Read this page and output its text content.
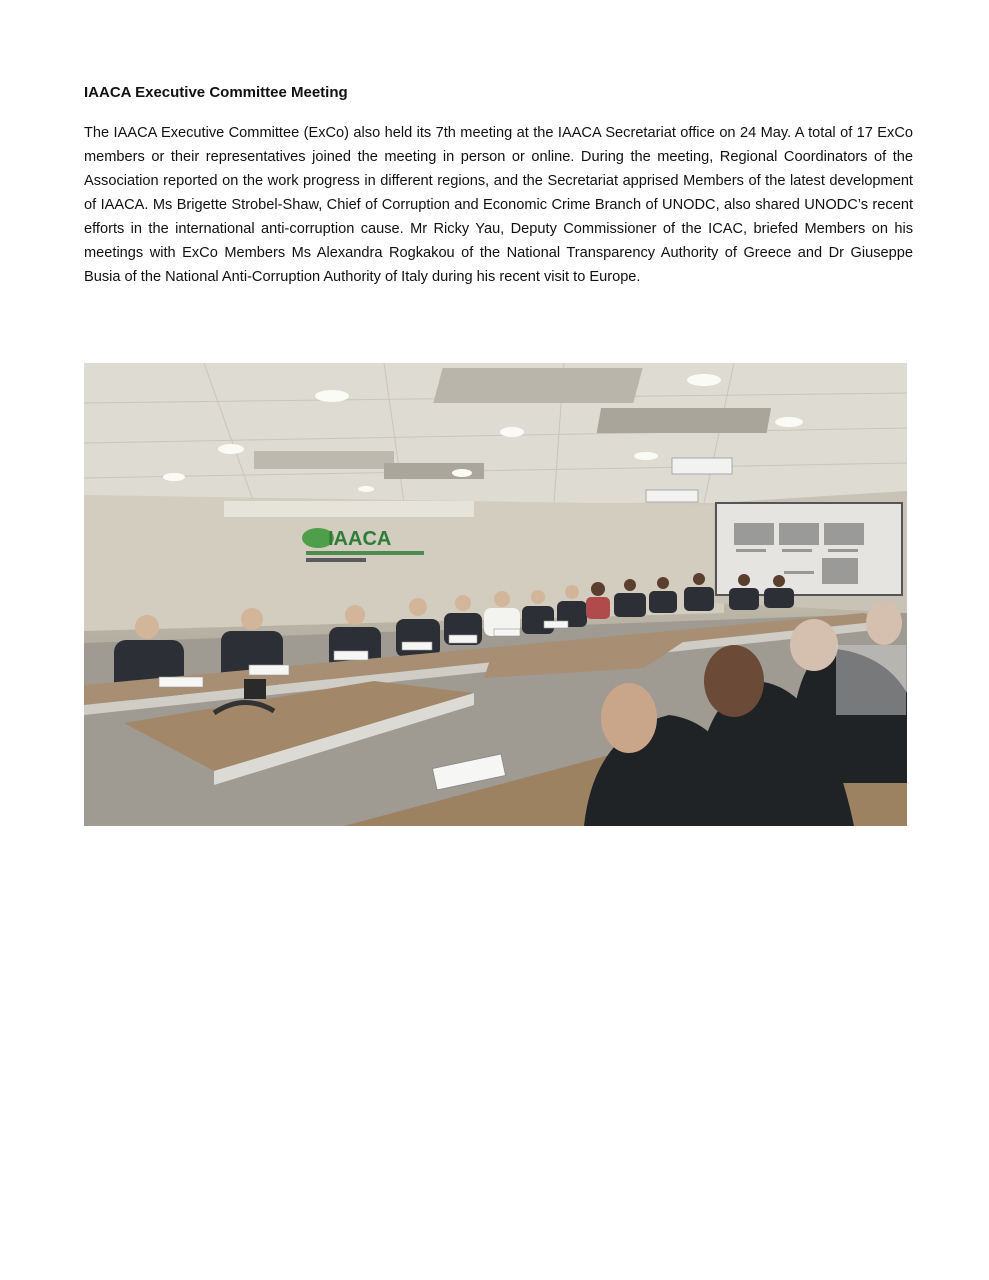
IAACA Executive Committee Meeting

The IAACA Executive Committee (ExCo) also held its 7th meeting at the IAACA Secretariat office on 24 May. A total of 17 ExCo members or their representatives joined the meeting in person or online. During the meeting, Regional Coordinators of the Association reported on the work progress in different regions, and the Secretariat apprised Members of the latest development of IAACA. Ms Brigette Strobel-Shaw, Chief of Corruption and Economic Crime Branch of UNODC, also shared UNODC’s recent efforts in the international anti-corruption cause. Mr Ricky Yau, Deputy Commissioner of the ICAC, briefed Members on his meetings with ExCo Members Ms Alexandra Rogkakou of the National Transparency Authority of Greece and Dr Giuseppe Busia of the National Anti-Corruption Authority of Italy during his recent visit to Europe.

IAACA
